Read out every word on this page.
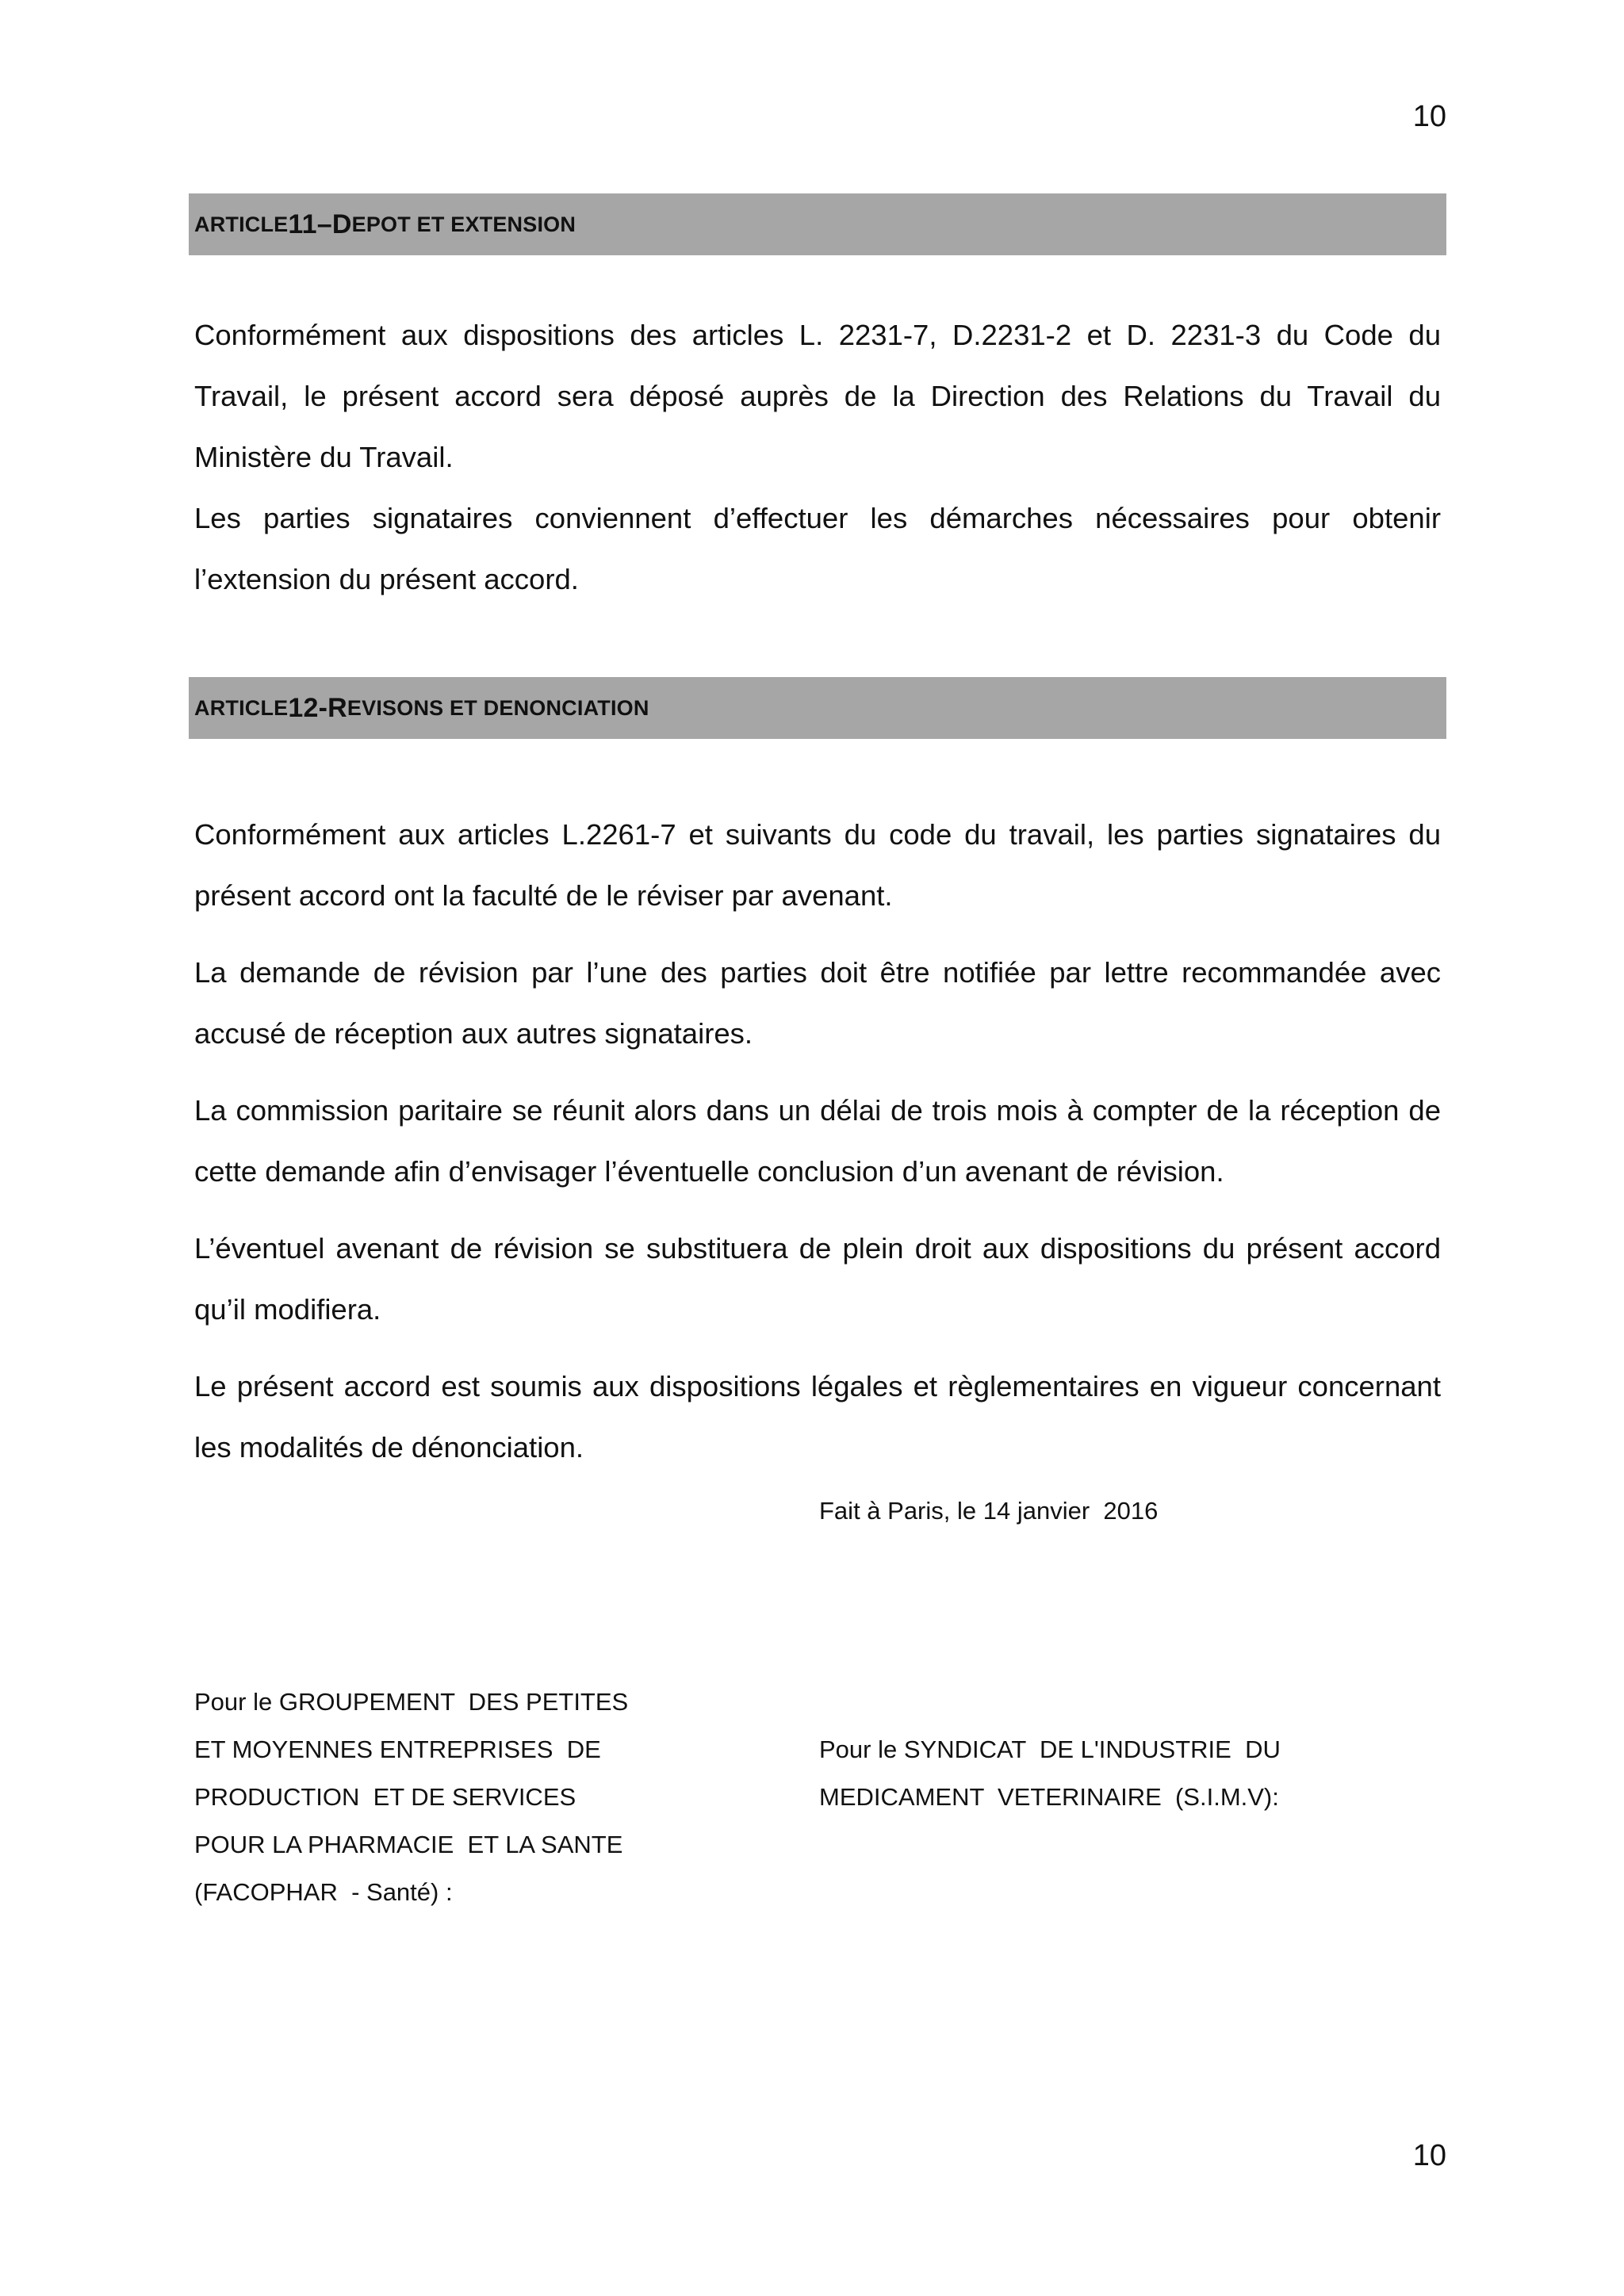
10
ARTICLE 11 – D EPOT ET EXTENSION

Conformément aux dispositions des articles L. 2231-7, D.2231-2 et D. 2231-3 du Code du Travail, le présent accord sera déposé auprès de la Direction des Relations du Travail du Ministère du Travail.

Les parties signataires conviennent d’effectuer les démarches nécessaires pour obtenir l’extension du présent accord.

ARTICLE 12 - R EVISONS ET DENONCIATION

Conformément aux articles L.2261-7 et suivants du code du travail, les parties signataires du présent accord ont la faculté de le réviser par avenant.

La demande de révision par l’une des parties doit être notifiée par lettre recommandée avec accusé de réception aux autres signataires.

La commission paritaire se réunit alors dans un délai de trois mois à compter de la réception de cette demande afin d’envisager l’éventuelle conclusion d’un avenant de révision.

L’éventuel avenant de révision se substituera de plein droit aux dispositions du présent accord qu’il modifiera.

Le présent accord est soumis aux dispositions légales et règlementaires en vigueur concernant les modalités de dénonciation.

Fait à Paris, le 14 janvier  2016
Pour le GROUPEMENT  DES PETITES
ET MOYENNES ENTREPRISES  DE
PRODUCTION  ET DE SERVICES
POUR LA PHARMACIE  ET LA SANTE
(FACOPHAR  - Santé) :
Pour le SYNDICAT  DE L'INDUSTRIE  DU
MEDICAMENT  VETERINAIRE  (S.I.M.V):
10
